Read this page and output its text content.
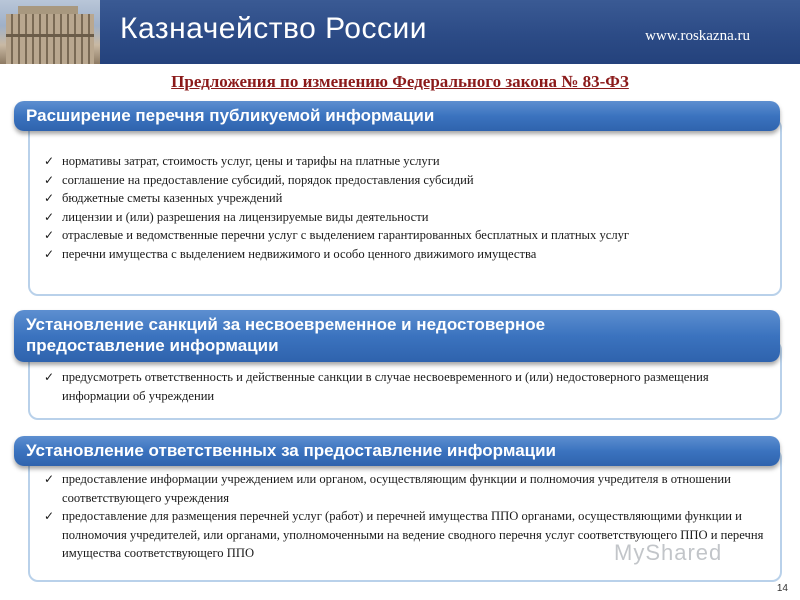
Казначейство России	www.roskazna.ru
Предложения по изменению Федерального закона № 83-ФЗ
✓ нормативы затрат, стоимость услуг, цены и тарифы на платные услуги
✓ соглашение на предоставление субсидий, порядок предоставления субсидий
✓ бюджетные сметы казенных учреждений
✓ лицензии и (или) разрешения на лицензируемые виды деятельности
✓ отраслевые и ведомственные перечни услуг с выделением гарантированных бесплатных и платных услуг
✓ перечни имущества с выделением недвижимого и особо ценного движимого имущества
Расширение перечня публикуемой информации
✓ предусмотреть ответственность и действенные санкции в случае несвоевременного и (или) недостоверного размещения информации об учреждении
Установление санкций за несвоевременное и недостоверное
предоставление информации
✓ предоставление информации учреждением или органом, осуществляющим функции и полномочия учредителя в отношении соответствующего учреждения
✓ предоставление для размещения перечней услуг (работ) и перечней имущества ППО органами, осуществляющими функции и полномочия учредителей, или органами, уполномоченными на ведение сводного перечня услуг соответствующего ППО и перечня имущества соответствующего ППО
Установление ответственных за предоставление информации
MyShared
14
